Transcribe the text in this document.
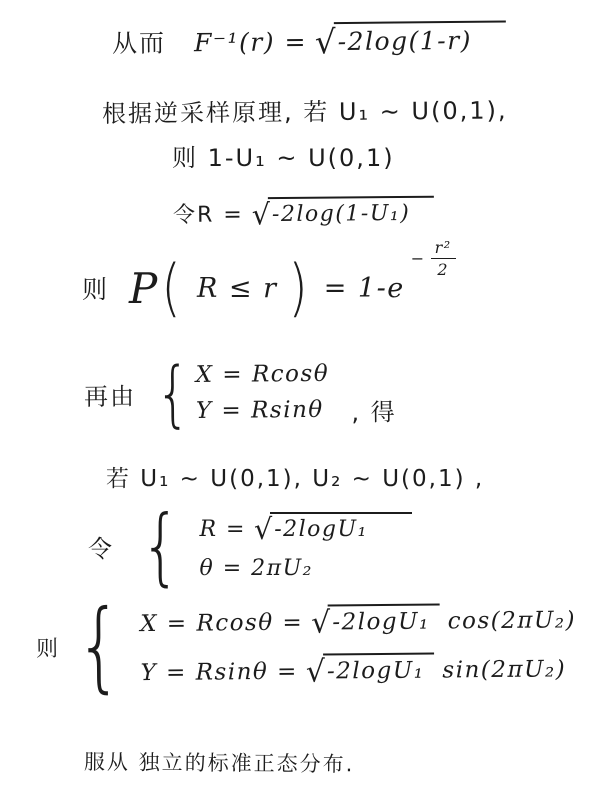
从而 F⁻¹(r) = √ -2log(1-r)
根据逆采样原理, 若 U₁ ~ U(0,1),
则 1-U₁ ~ U(0,1)
令R = √ -2log(1-U₁)
则 P ( R ≤ r ) = 1-e
− $\frac{\text{r²}}{2}$
再由 { X = Rcosθ
Y = Rsinθ , 得
若 U₁ ~ U(0,1), U₂ ~ U(0,1) ,
令 { R = √ -2logU₁
θ = 2πU₂
则 { X = Rcosθ = √ -2logU₁ cos(2πU₂)
Y = Rsinθ = √ -2logU₁ sin(2πU₂)
服从 独立的标准正态分布.
